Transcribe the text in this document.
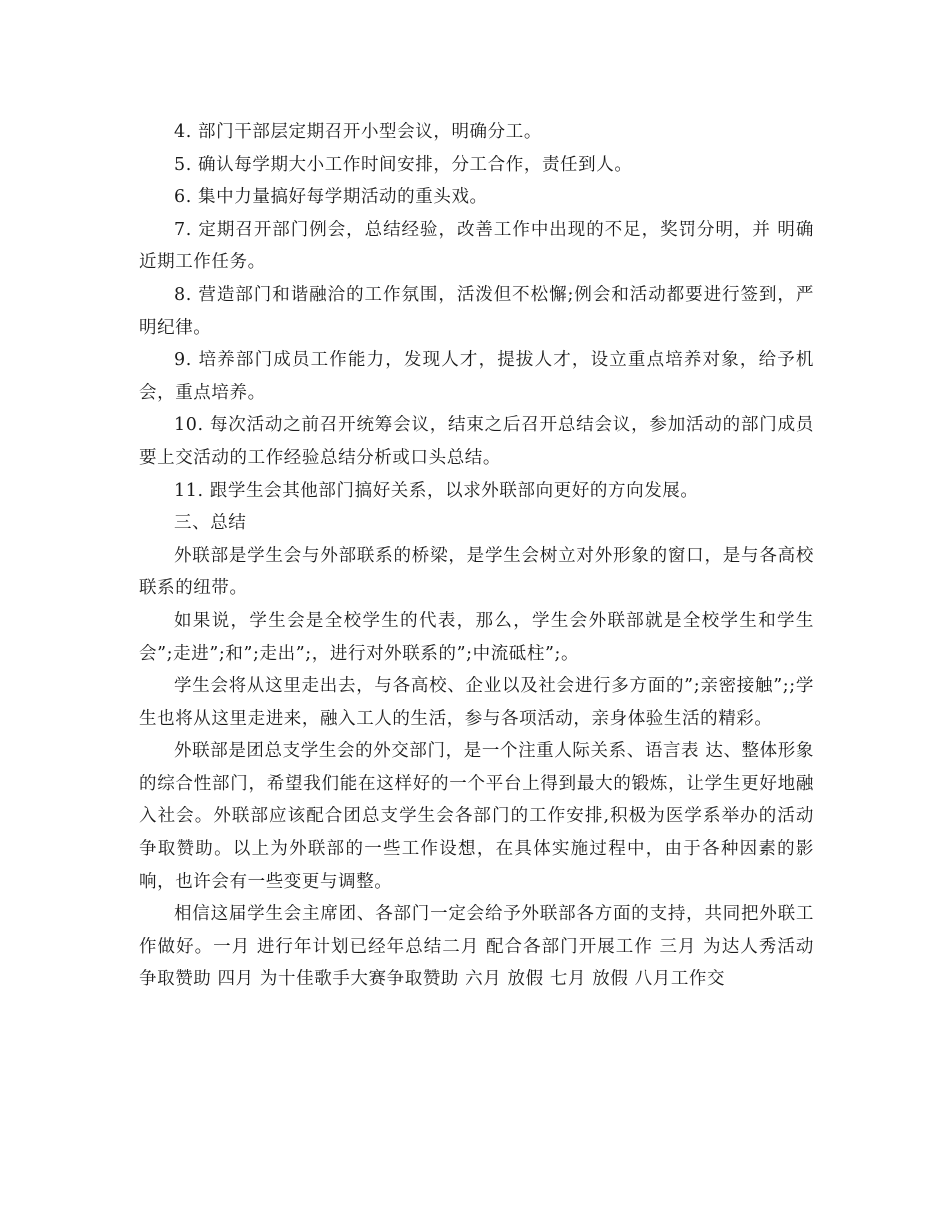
4. 部门干部层定期召开小型会议，明确分工。

5. 确认每学期大小工作时间安排，分工合作，责任到人。

6. 集中力量搞好每学期活动的重头戏。

7. 定期召开部门例会，总结经验，改善工作中出现的不足，奖罚分明，并 明确近期工作任务。

8. 营造部门和谐融洽的工作氛围，活泼但不松懈;例会和活动都要进行签到，严明纪律。

9. 培养部门成员工作能力，发现人才，提拔人才，设立重点培养对象，给予机会，重点培养。

10. 每次活动之前召开统筹会议，结束之后召开总结会议，参加活动的部门成员要上交活动的工作经验总结分析或口头总结。

11. 跟学生会其他部门搞好关系，以求外联部向更好的方向发展。

三、总结

外联部是学生会与外部联系的桥梁，是学生会树立对外形象的窗口，是与各高校联系的纽带。

如果说，学生会是全校学生的代表，那么，学生会外联部就是全校学生和学生会”;走进”;和”;走出”;，进行对外联系的”;中流砥柱”;。

学生会将从这里走出去，与各高校、企业以及社会进行多方面的”;亲密接触”;;学生也将从这里走进来，融入工人的生活，参与各项活动，亲身体验生活的精彩。

外联部是团总支学生会的外交部门，是一个注重人际关系、语言表 达、整体形象的综合性部门，希望我们能在这样好的一个平台上得到最大的锻炼，让学生更好地融入社会。外联部应该配合团总支学生会各部门的工作安排,积极为医学系举办的活动争取赞助。以上为外联部的一些工作设想，在具体实施过程中，由于各种因素的影响，也许会有一些变更与调整。

相信这届学生会主席团、各部门一定会给予外联部各方面的支持，共同把外联工作做好。一月 进行年计划已经年总结二月 配合各部门开展工作 三月 为达人秀活动 争取赞助 四月 为十佳歌手大赛争取赞助 六月 放假 七月 放假 八月工作交
